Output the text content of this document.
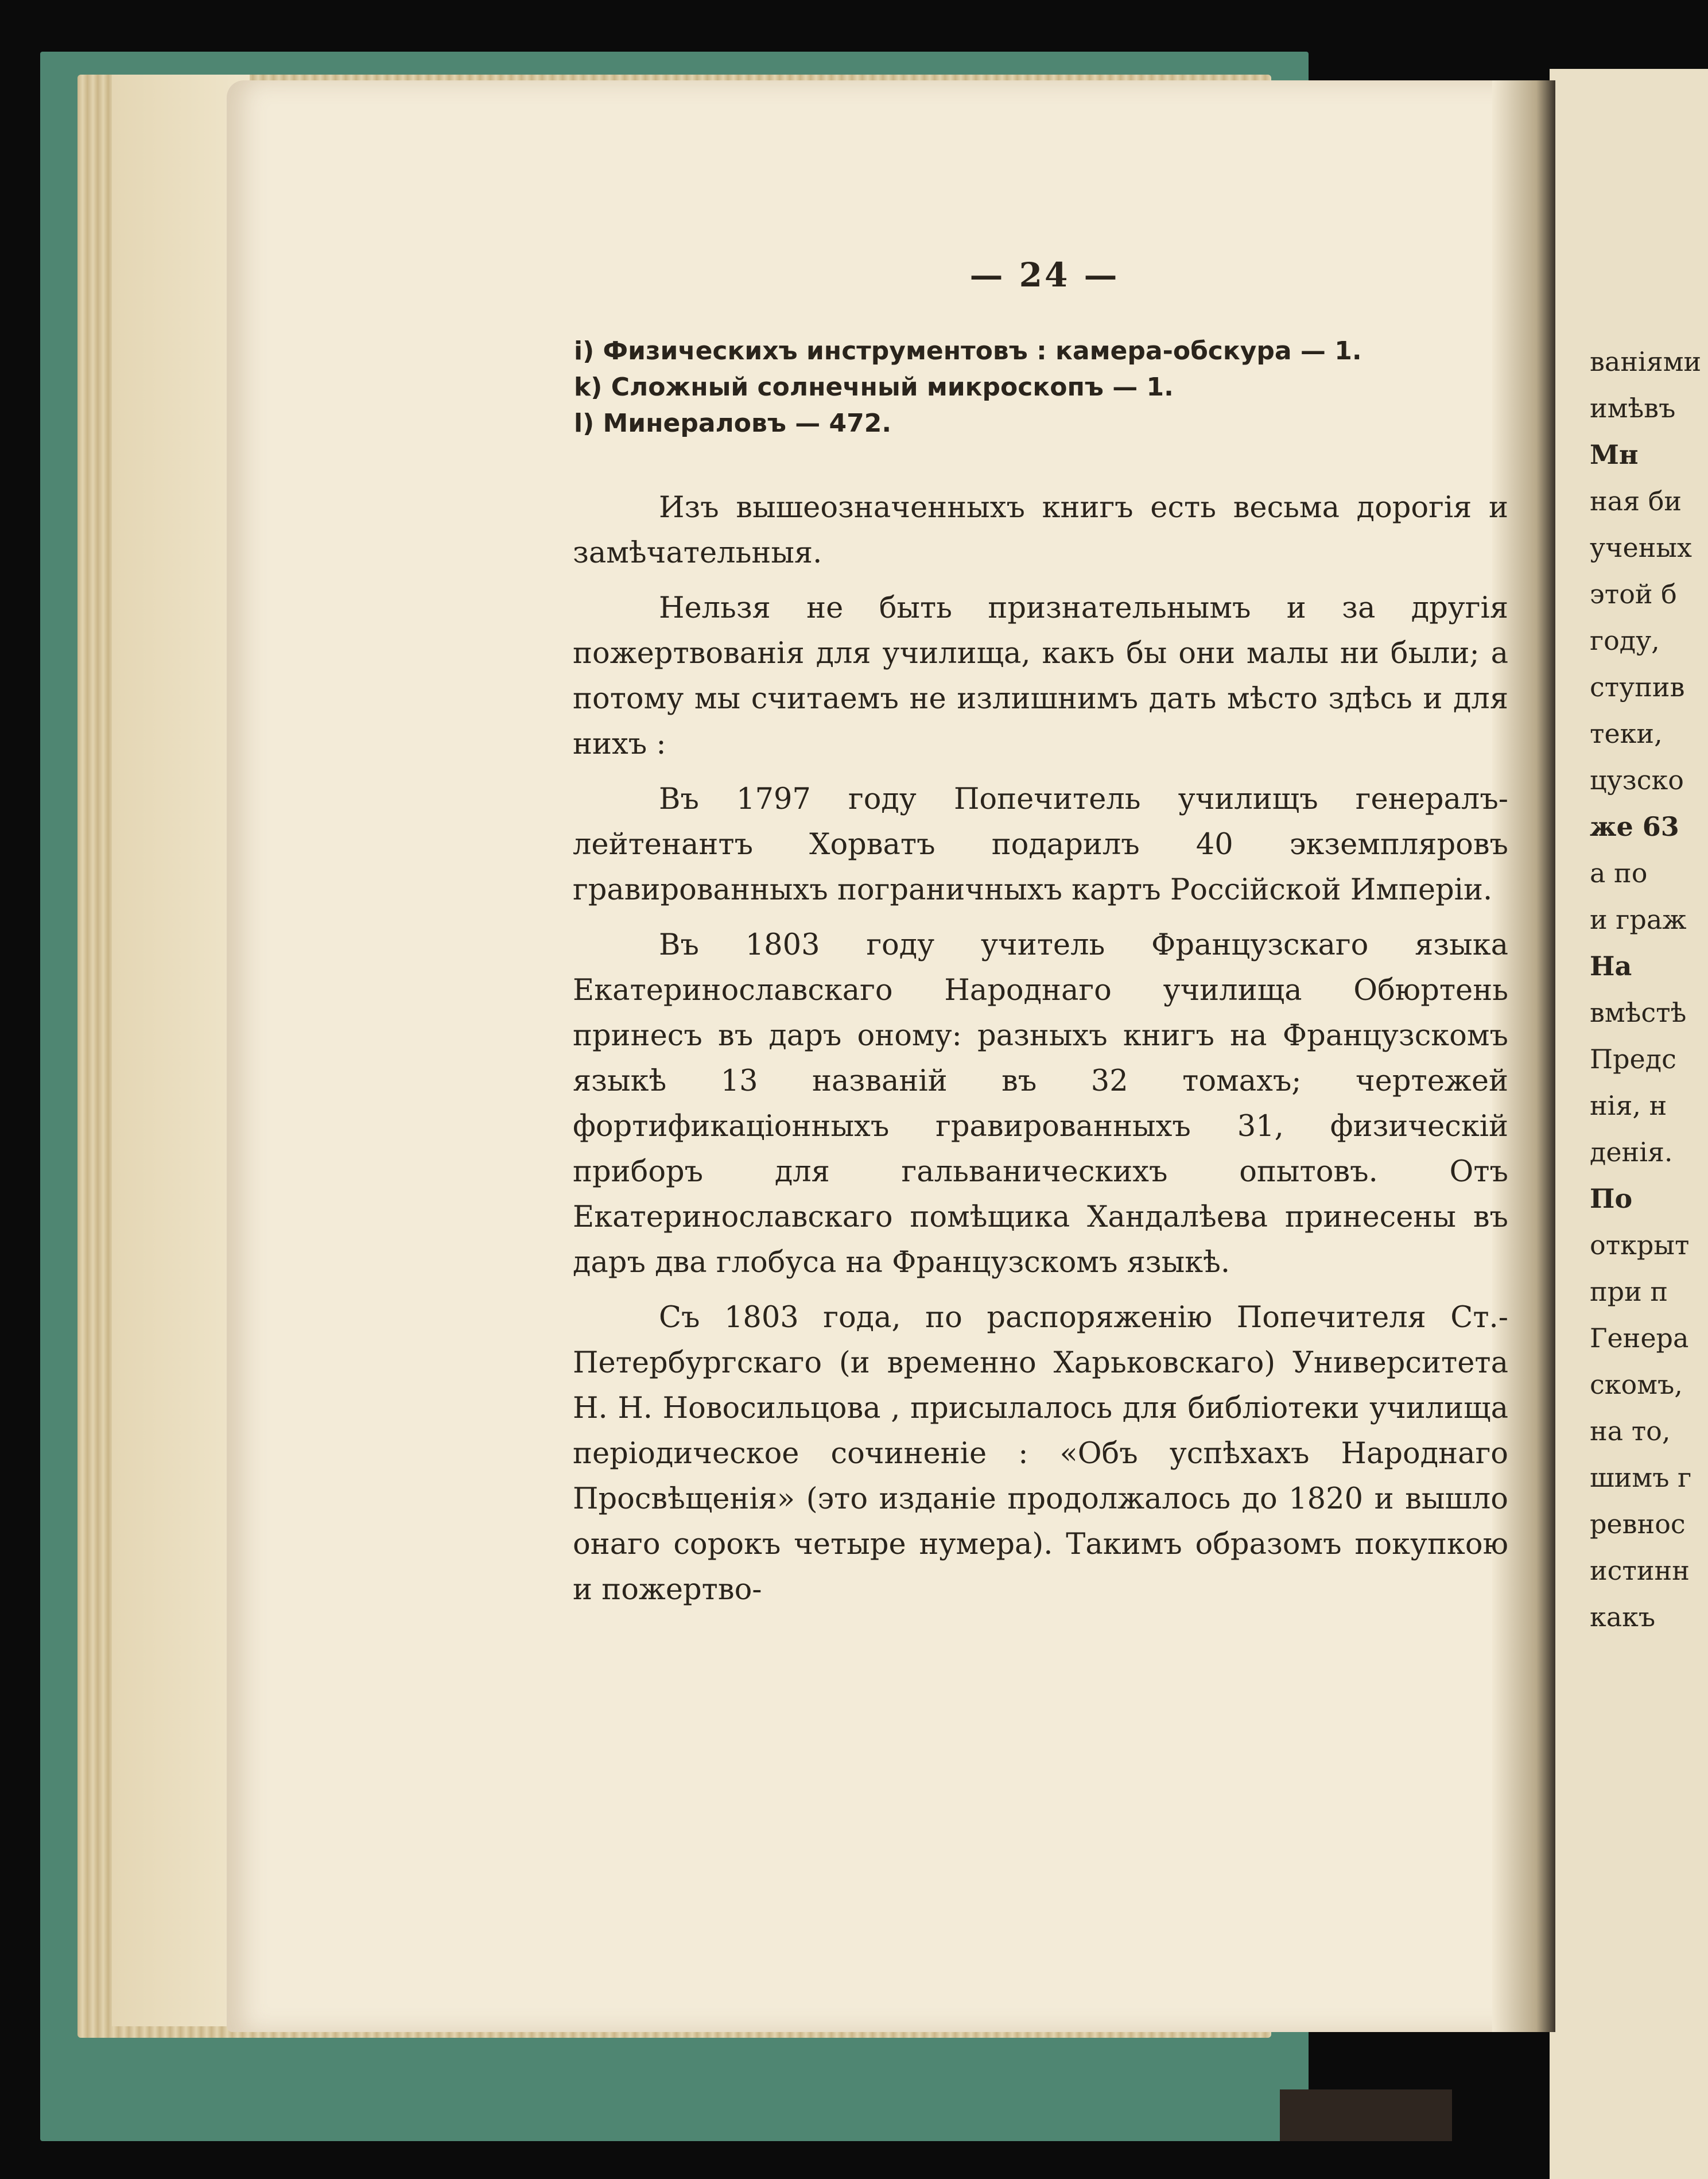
— 24 —
i) Физическихъ инструментовъ : камера-обскура — 1.
k) Сложный солнечный микроскопъ — 1.
l) Минераловъ — 472.

Изъ вышеозначенныхъ книгъ есть весьма дорогія и замѣчательныя.

Нельзя не быть признательнымъ и за другія пожертвованія для училища, какъ бы они малы ни были; а потому мы считаемъ не излишнимъ дать мѣсто здѣсь и для нихъ :

Въ 1797 году Попечитель училищъ генералъ-лейтенантъ Хорватъ подарилъ 40 экземпляровъ гравированныхъ пограничныхъ картъ Россійской Имперіи.

Въ 1803 году учитель Французскаго языка Екатеринославскаго Народнаго училища Обюртень принесъ въ даръ оному: разныхъ книгъ на Французскомъ языкѣ 13 названій въ 32 томахъ; чертежей фортификаціонныхъ гравированныхъ 31, физическій приборъ для гальваническихъ опытовъ. Отъ Екатеринославскаго помѣщика Хандалѣева принесены въ даръ два глобуса на Французскомъ языкѣ.

Съ 1803 года, по распоряженію Попечителя Ст.-Петербургскаго (и временно Харьковскаго) Университета Н. Н. Новосильцова , присылалось для библіотеки училища періодическое сочиненіе : «Объ успѣхахъ Народнаго Просвѣщенія» (это изданіе продолжалось до 1820 и вышло онаго сорокъ четыре нумера). Такимъ образомъ покупкою и пожертво-

ваніями
имѣвъ
Мн
ная би
ученых
этой б
году,
ступив
теки,
цузско
же 63
а по
и граж
На
вмѣстѣ
Предс
нія, н
денія.
По
открыт
при п
Генера
скомъ,
на то,
шимъ г
ревнос
истинн
какъ
